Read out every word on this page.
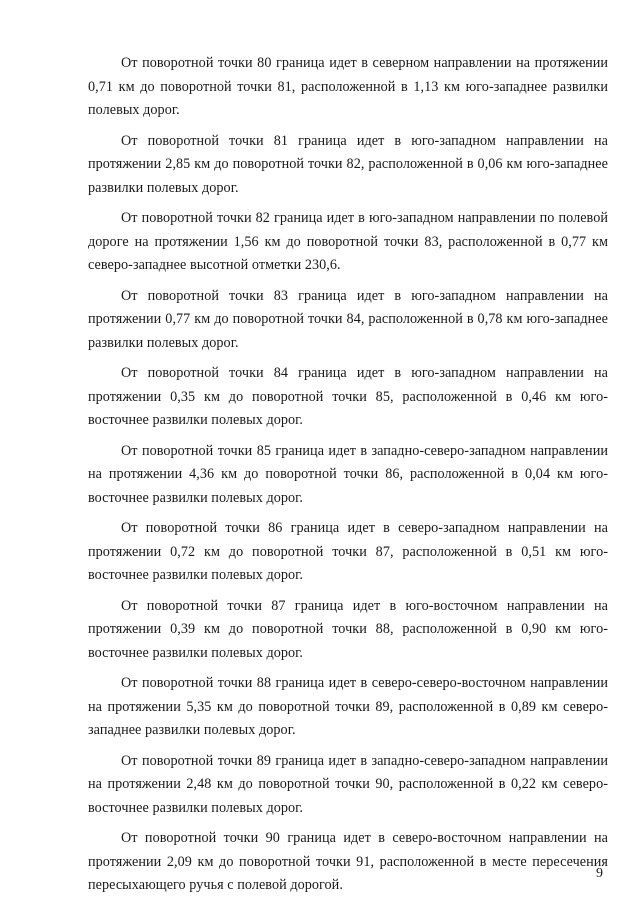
От поворотной точки 80 граница идет в северном направлении на протяжении 0,71 км до поворотной точки 81, расположенной в 1,13 км юго-западнее развилки полевых дорог.

От поворотной точки 81 граница идет в юго-западном направлении на протяжении 2,85 км до поворотной точки 82, расположенной в 0,06 км юго-западнее развилки полевых дорог.

От поворотной точки 82 граница идет в юго-западном направлении по полевой дороге на протяжении 1,56 км до поворотной точки 83, расположенной в 0,77 км северо-западнее высотной отметки 230,6.

От поворотной точки 83 граница идет в юго-западном направлении на протяжении 0,77 км до поворотной точки 84, расположенной в 0,78 км юго-западнее развилки полевых дорог.

От поворотной точки 84 граница идет в юго-западном направлении на протяжении 0,35 км до поворотной точки 85, расположенной в 0,46 км юго-восточнее развилки полевых дорог.

От поворотной точки 85 граница идет в западно-северо-западном направлении на протяжении 4,36 км до поворотной точки 86, расположенной в 0,04 км юго-восточнее развилки полевых дорог.

От поворотной точки 86 граница идет в северо-западном направлении на протяжении 0,72 км до поворотной точки 87, расположенной в 0,51 км юго-восточнее развилки полевых дорог.

От поворотной точки 87 граница идет в юго-восточном направлении на протяжении 0,39 км до поворотной точки 88, расположенной в 0,90 км юго-восточнее развилки полевых дорог.

От поворотной точки 88 граница идет в северо-северо-восточном направлении на протяжении 5,35 км до поворотной точки 89, расположенной в 0,89 км северо-западнее развилки полевых дорог.

От поворотной точки 89 граница идет в западно-северо-западном направлении на протяжении 2,48 км до поворотной точки 90, расположенной в 0,22 км северо-восточнее развилки полевых дорог.

От поворотной точки 90 граница идет в северо-восточном направлении на протяжении 2,09 км до поворотной точки 91, расположенной в месте пересечения пересыхающего ручья с полевой дорогой.

9
